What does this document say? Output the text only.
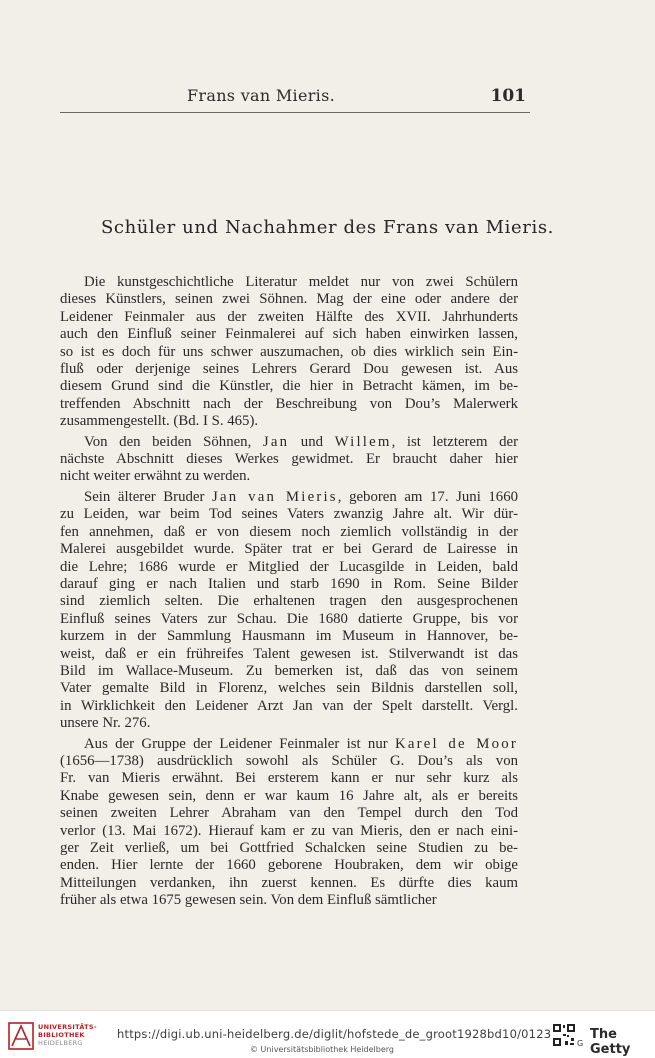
Frans van Mieris.	101
Schüler und Nachahmer des Frans van Mieris.
Die kunstgeschichtliche Literatur meldet nur von zwei Schülern
dieses Künstlers, seinen zwei Söhnen. Mag der eine oder andere der
Leidener Feinmaler aus der zweiten Hälfte des XVII. Jahrhunderts
auch den Einfluß seiner Feinmalerei auf sich haben einwirken lassen,
so ist es doch für uns schwer auszumachen, ob dies wirklich sein Ein-
fluß oder derjenige seines Lehrers Gerard Dou gewesen ist. Aus
diesem Grund sind die Künstler, die hier in Betracht kämen, im be-
treffenden Abschnitt nach der Beschreibung von Dou’s Malerwerk
zusammengestellt. (Bd. I S. 465).
Von den beiden Söhnen, Jan und Willem, ist letzterem der
nächste Abschnitt dieses Werkes gewidmet. Er braucht daher hier
nicht weiter erwähnt zu werden.
Sein älterer Bruder Jan van Mieris, geboren am 17. Juni 1660
zu Leiden, war beim Tod seines Vaters zwanzig Jahre alt. Wir dür-
fen annehmen, daß er von diesem noch ziemlich vollständig in der
Malerei ausgebildet wurde. Später trat er bei Gerard de Lairesse in
die Lehre; 1686 wurde er Mitglied der Lucasgilde in Leiden, bald
darauf ging er nach Italien und starb 1690 in Rom. Seine Bilder
sind ziemlich selten. Die erhaltenen tragen den ausgesprochenen
Einfluß seines Vaters zur Schau. Die 1680 datierte Gruppe, bis vor
kurzem in der Sammlung Hausmann im Museum in Hannover, be-
weist, daß er ein frühreifes Talent gewesen ist. Stilverwandt ist das
Bild im Wallace-Museum. Zu bemerken ist, daß das von seinem
Vater gemalte Bild in Florenz, welches sein Bildnis darstellen soll,
in Wirklichkeit den Leidener Arzt Jan van der Spelt darstellt. Vergl.
unsere Nr. 276.
Aus der Gruppe der Leidener Feinmaler ist nur Karel de Moor
(1656—1738) ausdrücklich sowohl als Schüler G. Dou’s als von
Fr. van Mieris erwähnt. Bei ersterem kann er nur sehr kurz als
Knabe gewesen sein, denn er war kaum 16 Jahre alt, als er bereits
seinen zweiten Lehrer Abraham van den Tempel durch den Tod
verlor (13. Mai 1672). Hierauf kam er zu van Mieris, den er nach eini-
ger Zeit verließ, um bei Gottfried Schalcken seine Studien zu be-
enden. Hier lernte der 1660 geborene Houbraken, dem wir obige
Mitteilungen verdanken, ihn zuerst kennen. Es dürfte dies kaum
früher als etwa 1675 gewesen sein. Von dem Einfluß sämtlicher
UNIVERSITÄTS-
BIBLIOTHEK
HEIDELBERG
https://digi.ub.uni-heidelberg.de/diglit/hofstede_de_groot1928bd10/0123
© Universitätsbibliothek Heidelberg
G
The Getty
